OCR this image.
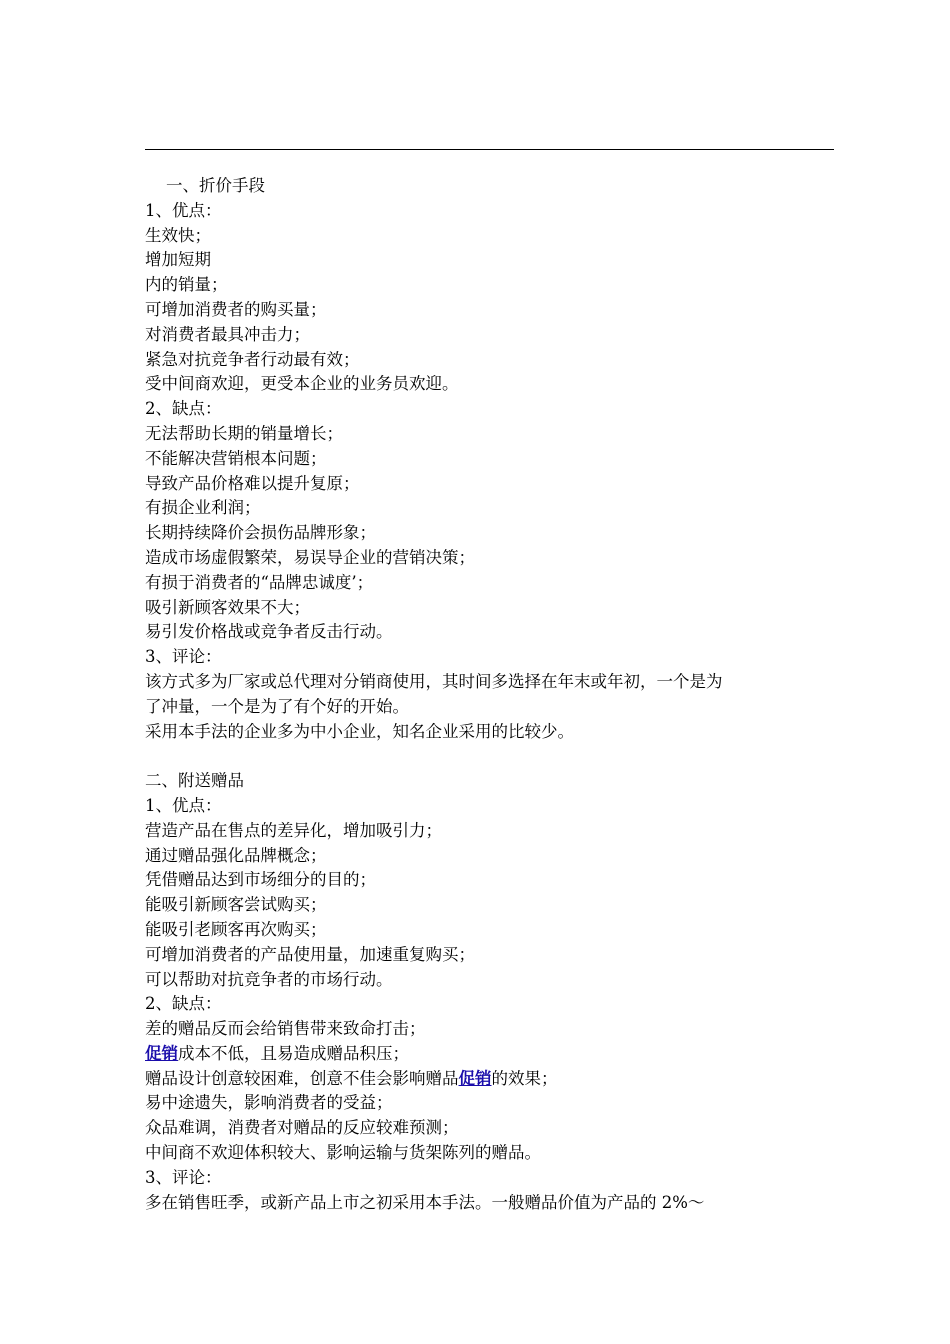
一、折价手段

1、优点：

生效快；

增加短期

内的销量；

可增加消费者的购买量；

对消费者最具冲击力；

紧急对抗竞争者行动最有效；

受中间商欢迎，更受本企业的业务员欢迎。

2、缺点：

无法帮助长期的销量增长；

不能解决营销根本问题；

导致产品价格难以提升复原；

有损企业利润；

长期持续降价会损伤品牌形象；

造成市场虚假繁荣，易误导企业的营销决策；

有损于消费者的“品牌忠诚度’；

吸引新顾客效果不大；

易引发价格战或竞争者反击行动。

3、评论：

该方式多为厂家或总代理对分销商使用，其时间多选择在年末或年初，一个是为

了冲量，一个是为了有个好的开始。

采用本手法的企业多为中小企业，知名企业采用的比较少。

二、附送赠品

1、优点：

营造产品在售点的差异化，增加吸引力；

通过赠品强化品牌概念；

凭借赠品达到市场细分的目的；

能吸引新顾客尝试购买；

能吸引老顾客再次购买；

可增加消费者的产品使用量，加速重复购买；

可以帮助对抗竞争者的市场行动。

2、缺点：

差的赠品反而会给销售带来致命打击；

促销成本不低，且易造成赠品积压；

赠品设计创意较困难，创意不佳会影响赠品促销的效果；

易中途遗失，影响消费者的受益；

众品难调，消费者对赠品的反应较难预测；

中间商不欢迎体积较大、影响运输与货架陈列的赠品。

3、评论：

多在销售旺季，或新产品上市之初采用本手法。一般赠品价值为产品的 2%～
